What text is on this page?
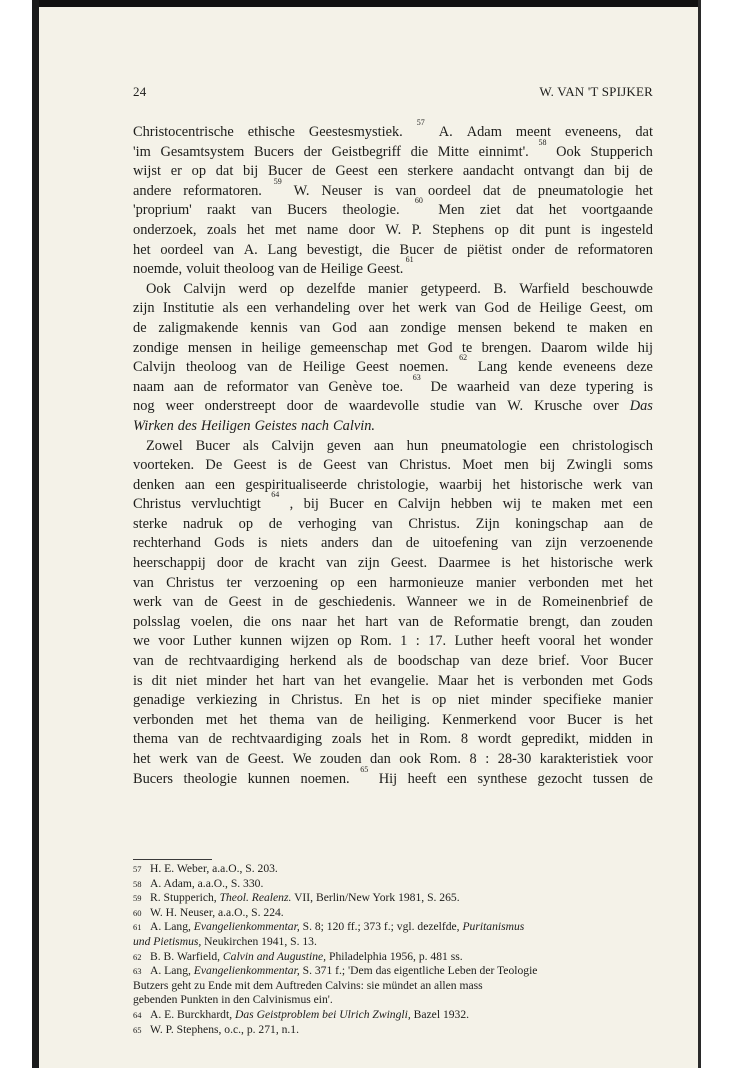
24	W. VAN 'T SPIJKER
Christocentrische ethische Geestesmystiek.
57
A. Adam meent eveneens, dat
'im Gesamtsystem Bucers der Geistbegriff die Mitte einnimt'.
58
Ook Stupperich
wijst er op dat bij Bucer de Geest een sterkere aandacht ontvangt dan bij de
andere reformatoren.
59
W. Neuser is van oordeel dat de pneumatologie het
'proprium' raakt van Bucers theologie.
60
Men ziet dat het voortgaande
onderzoek, zoals het met name door W. P. Stephens op dit punt is ingesteld
het oordeel van A. Lang bevestigt, die Bucer de piëtist onder de reformatoren
noemde, voluit theoloog van de Heilige Geest.
61
Ook Calvijn werd op dezelfde manier getypeerd. B. Warfield beschouwde
zijn Institutie als een verhandeling over het werk van God de Heilige Geest, om
de zaligmakende kennis van God aan zondige mensen bekend te maken en
zondige mensen in heilige gemeenschap met God te brengen. Daarom wilde hij
Calvijn theoloog van de Heilige Geest noemen.
62
Lang kende eveneens deze
naam aan de reformator van Genève toe.
63
De waarheid van deze typering is
nog weer onderstreept door de waardevolle studie van W. Krusche over Das
Wirken des Heiligen Geistes nach Calvin.
Zowel Bucer als Calvijn geven aan hun pneumatologie een christologisch
voorteken. De Geest is de Geest van Christus. Moet men bij Zwingli soms
denken aan een gespiritualiseerde christologie, waarbij het historische werk van
Christus vervluchtigt
64
, bij Bucer en Calvijn hebben wij te maken met een
sterke nadruk op de verhoging van Christus. Zijn koningschap aan de
rechterhand Gods is niets anders dan de uitoefening van zijn verzoenende
heerschappij door de kracht van zijn Geest. Daarmee is het historische werk
van Christus ter verzoening op een harmonieuze manier verbonden met het
werk van de Geest in de geschiedenis. Wanneer we in de Romeinenbrief de
polsslag voelen, die ons naar het hart van de Reformatie brengt, dan zouden
we voor Luther kunnen wijzen op Rom. 1 : 17. Luther heeft vooral het wonder
van de rechtvaardiging herkend als de boodschap van deze brief. Voor Bucer
is dit niet minder het hart van het evangelie. Maar het is verbonden met Gods
genadige verkiezing in Christus. En het is op niet minder specifieke manier
verbonden met het thema van de heiliging. Kenmerkend voor Bucer is het
thema van de rechtvaardiging zoals het in Rom. 8 wordt gepredikt, midden in
het werk van de Geest. We zouden dan ook Rom. 8 : 28-30 karakteristiek voor
Bucers theologie kunnen noemen.
65
Hij heeft een synthese gezocht tussen de
57 H. E. Weber, a.a.O., S. 203.
58 A. Adam, a.a.O., S. 330.
59 R. Stupperich, Theol. Realenz. VII, Berlin/New York 1981, S. 265.
60 W. H. Neuser, a.a.O., S. 224.
61 A. Lang, Evangelienkommentar, S. 8; 120 ff.; 373 f.; vgl. dezelfde, Puritanismus
und Pietismus, Neukirchen 1941, S. 13.
62 B. B. Warfield, Calvin and Augustine, Philadelphia 1956, p. 481 ss.
63 A. Lang, Evangelienkommentar, S. 371 f.; 'Dem das eigentliche Leben der Teologie
Butzers geht zu Ende mit dem Auftreden Calvins: sie mündet an allen mass
gebenden Punkten in den Calvinismus ein'.
64 A. E. Burckhardt, Das Geistproblem bei Ulrich Zwingli, Bazel 1932.
65 W. P. Stephens, o.c., p. 271, n.1.
